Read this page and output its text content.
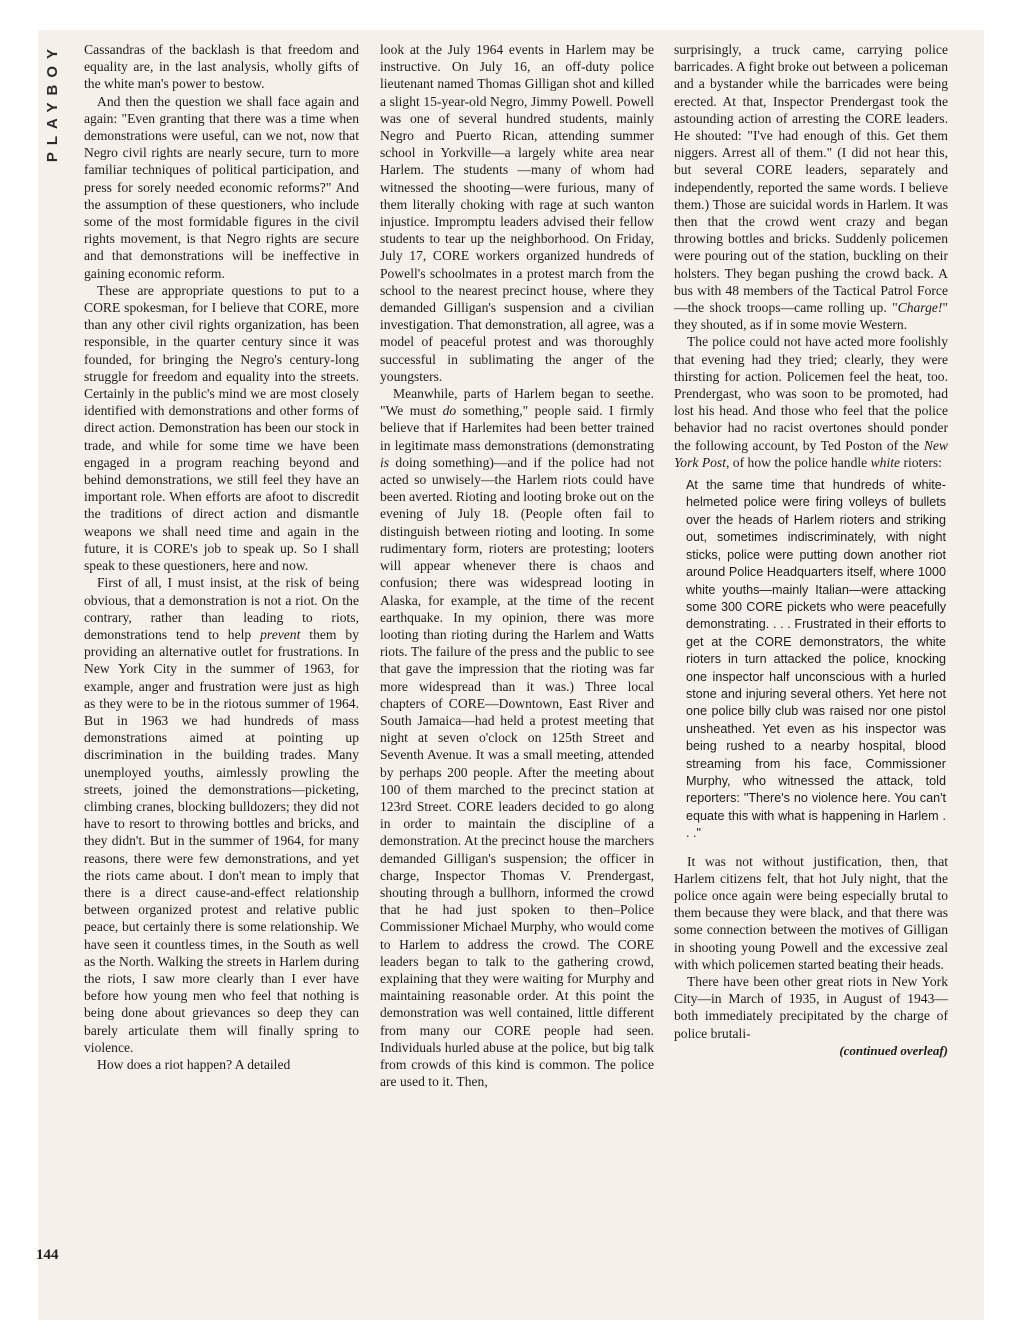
PLAYBOY
144

Cassandras of the backlash is that freedom and equality are, in the last analysis, wholly gifts of the white man's power to bestow.

And then the question we shall face again and again: "Even granting that there was a time when demonstrations were useful, can we not, now that Negro civil rights are nearly secure, turn to more familiar techniques of political participation, and press for sorely needed economic reforms?" And the assumption of these questioners, who include some of the most formidable figures in the civil rights movement, is that Negro rights are secure and that demonstrations will be ineffective in gaining economic reform.

These are appropriate questions to put to a CORE spokesman, for I believe that CORE, more than any other civil rights organization, has been responsible, in the quarter century since it was founded, for bringing the Negro's century-long struggle for freedom and equality into the streets. Certainly in the public's mind we are most closely identified with demonstrations and other forms of direct action. Demonstration has been our stock in trade, and while for some time we have been engaged in a program reaching beyond and behind demonstrations, we still feel they have an important role. When efforts are afoot to discredit the traditions of direct action and dismantle weapons we shall need time and again in the future, it is CORE's job to speak up. So I shall speak to these questioners, here and now.

First of all, I must insist, at the risk of being obvious, that a demonstration is not a riot. On the contrary, rather than leading to riots, demonstrations tend to help prevent them by providing an alternative outlet for frustrations. In New York City in the summer of 1963, for example, anger and frustration were just as high as they were to be in the riotous summer of 1964. But in 1963 we had hundreds of mass demonstrations aimed at pointing up discrimination in the building trades. Many unemployed youths, aimlessly prowling the streets, joined the demonstrations—picketing, climbing cranes, blocking bulldozers; they did not have to resort to throwing bottles and bricks, and they didn't. But in the summer of 1964, for many reasons, there were few demonstrations, and yet the riots came about. I don't mean to imply that there is a direct cause-and-effect relationship between organized protest and relative public peace, but certainly there is some relationship. We have seen it countless times, in the South as well as the North. Walking the streets in Harlem during the riots, I saw more clearly than I ever have before how young men who feel that nothing is being done about grievances so deep they can barely articulate them will finally spring to violence.

How does a riot happen? A detailed

look at the July 1964 events in Harlem may be instructive. On July 16, an off-duty police lieutenant named Thomas Gilligan shot and killed a slight 15-year-old Negro, Jimmy Powell. Powell was one of several hundred students, mainly Negro and Puerto Rican, attending summer school in Yorkville—a largely white area near Harlem. The students —many of whom had witnessed the shooting—were furious, many of them literally choking with rage at such wanton injustice. Impromptu leaders advised their fellow students to tear up the neighborhood. On Friday, July 17, CORE workers organized hundreds of Powell's schoolmates in a protest march from the school to the nearest precinct house, where they demanded Gilligan's suspension and a civilian investigation. That demonstration, all agree, was a model of peaceful protest and was thoroughly successful in sublimating the anger of the youngsters.

Meanwhile, parts of Harlem began to seethe. "We must do something," people said. I firmly believe that if Harlemites had been better trained in legitimate mass demonstrations (demonstrating is doing something)—and if the police had not acted so unwisely—the Harlem riots could have been averted. Rioting and looting broke out on the evening of July 18. (People often fail to distinguish between rioting and looting. In some rudimentary form, rioters are protesting; looters will appear whenever there is chaos and confusion; there was widespread looting in Alaska, for example, at the time of the recent earthquake. In my opinion, there was more looting than rioting during the Harlem and Watts riots. The failure of the press and the public to see that gave the impression that the rioting was far more widespread than it was.) Three local chapters of CORE—Downtown, East River and South Jamaica—had held a protest meeting that night at seven o'clock on 125th Street and Seventh Avenue. It was a small meeting, attended by perhaps 200 people. After the meeting about 100 of them marched to the precinct station at 123rd Street. CORE leaders decided to go along in order to maintain the discipline of a demonstration. At the precinct house the marchers demanded Gilligan's suspension; the officer in charge, Inspector Thomas V. Prendergast, shouting through a bullhorn, informed the crowd that he had just spoken to then–Police Commissioner Michael Murphy, who would come to Harlem to address the crowd. The CORE leaders began to talk to the gathering crowd, explaining that they were waiting for Murphy and maintaining reasonable order. At this point the demonstration was well contained, little different from many our CORE people had seen. Individuals hurled abuse at the police, but big talk from crowds of this kind is common. The police are used to it. Then,

surprisingly, a truck came, carrying police barricades. A fight broke out between a policeman and a bystander while the barricades were being erected. At that, Inspector Prendergast took the astounding action of arresting the CORE leaders. He shouted: "I've had enough of this. Get them niggers. Arrest all of them." (I did not hear this, but several CORE leaders, separately and independently, reported the same words. I believe them.) Those are suicidal words in Harlem. It was then that the crowd went crazy and began throwing bottles and bricks. Suddenly policemen were pouring out of the station, buckling on their holsters. They began pushing the crowd back. A bus with 48 members of the Tactical Patrol Force—the shock troops—came rolling up. "Charge!" they shouted, as if in some movie Western.

The police could not have acted more foolishly that evening had they tried; clearly, they were thirsting for action. Policemen feel the heat, too. Prendergast, who was soon to be promoted, had lost his head. And those who feel that the police behavior had no racist overtones should ponder the following account, by Ted Poston of the New York Post, of how the police handle white rioters:

At the same time that hundreds of white-helmeted police were firing volleys of bullets over the heads of Harlem rioters and striking out, sometimes indiscriminately, with night sticks, police were putting down another riot around Police Headquarters itself, where 1000 white youths—mainly Italian—were attacking some 300 CORE pickets who were peacefully demonstrating. . . . Frustrated in their efforts to get at the CORE demonstrators, the white rioters in turn attacked the police, knocking one inspector half unconscious with a hurled stone and injuring several others. Yet here not one police billy club was raised nor one pistol unsheathed. Yet even as his inspector was being rushed to a nearby hospital, blood streaming from his face, Commissioner Murphy, who witnessed the attack, told reporters: "There's no violence here. You can't equate this with what is happening in Harlem . . ."

It was not without justification, then, that Harlem citizens felt, that hot July night, that the police once again were being especially brutal to them because they were black, and that there was some connection between the motives of Gilligan in shooting young Powell and the excessive zeal with which policemen started beating their heads.

There have been other great riots in New York City—in March of 1935, in August of 1943—both immediately precipitated by the charge of police brutali-

(continued overleaf)
